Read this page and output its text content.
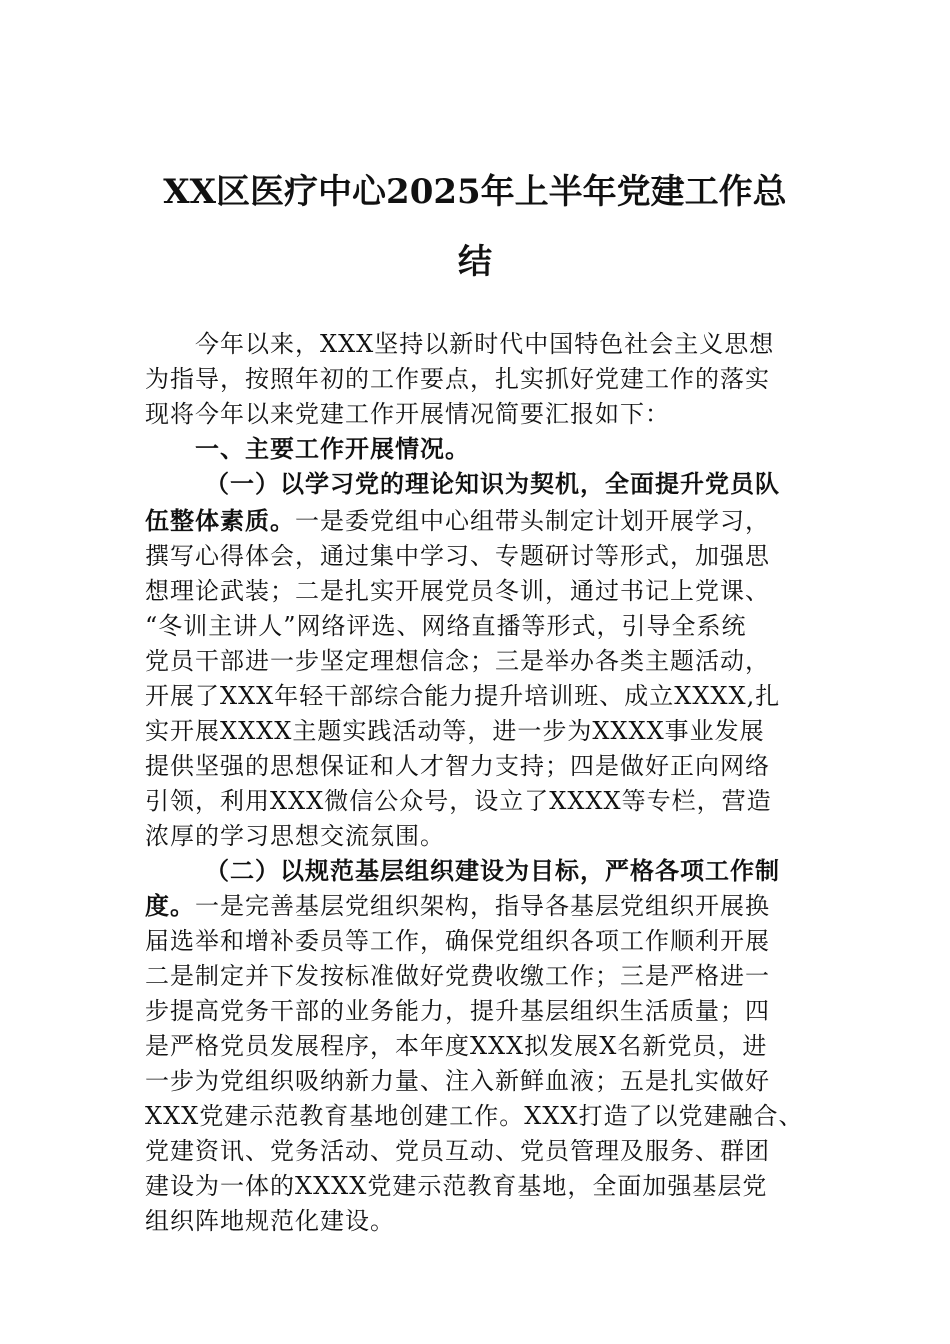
XX区医疗中心2025年上半年党建工作总
结
今年以来，XXX坚持以新时代中国特色社会主义思想
为指导，按照年初的工作要点，扎实抓好党建工作的落实
现将今年以来党建工作开展情况简要汇报如下：
一、主要工作开展情况。
（一）以学习党的理论知识为契机，全面提升党员队
伍整体素质。一是委党组中心组带头制定计划开展学习，
撰写心得体会，通过集中学习、专题研讨等形式，加强思
想理论武装；二是扎实开展党员冬训，通过书记上党课、
“冬训主讲人”网络评选、网络直播等形式，引导全系统
党员干部进一步坚定理想信念；三是举办各类主题活动，
开展了XXX年轻干部综合能力提升培训班、成立XXXX,扎
实开展XXXX主题实践活动等，进一步为XXXX事业发展
提供坚强的思想保证和人才智力支持；四是做好正向网络
引领，利用XXX微信公众号，设立了XXXX等专栏，营造
浓厚的学习思想交流氛围。
（二）以规范基层组织建设为目标，严格各项工作制
度。一是完善基层党组织架构，指导各基层党组织开展换
届选举和增补委员等工作，确保党组织各项工作顺利开展
二是制定并下发按标准做好党费收缴工作；三是严格进一
步提高党务干部的业务能力，提升基层组织生活质量；四
是严格党员发展程序，本年度XXX拟发展X名新党员，进
一步为党组织吸纳新力量、注入新鲜血液；五是扎实做好
XXX党建示范教育基地创建工作。XXX打造了以党建融合、
党建资讯、党务活动、党员互动、党员管理及服务、群团
建设为一体的XXXX党建示范教育基地，全面加强基层党
组织阵地规范化建设。
